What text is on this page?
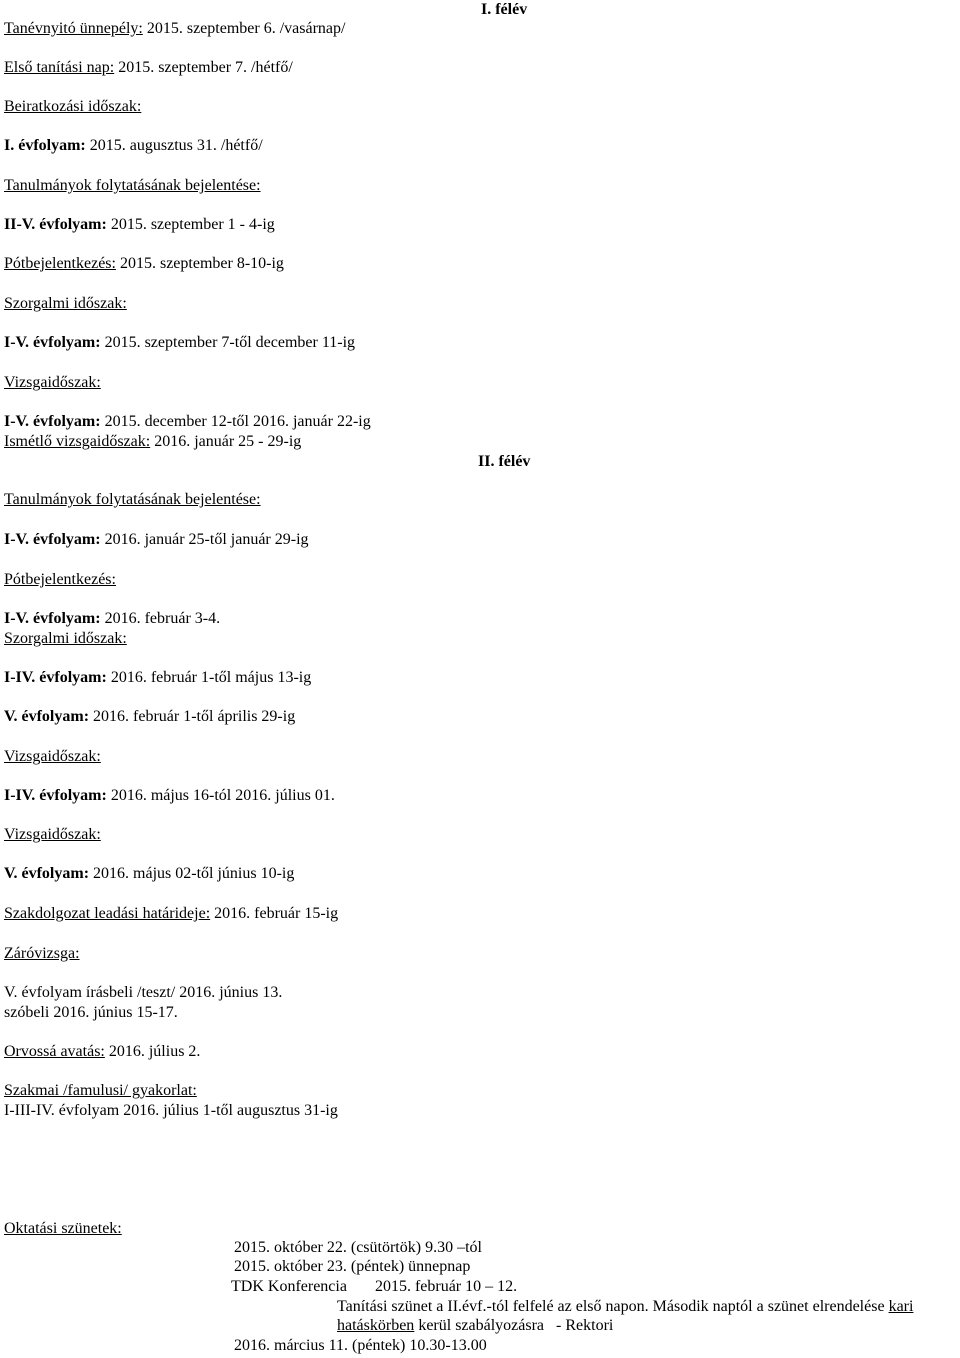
I. félév
II. félév
Tanévnyitó ünnepély: 2015. szeptember 6. /vasárnap/
Első tanítási nap: 2015. szeptember 7. /hétfő/
Beiratkozási időszak:
I. évfolyam: 2015. augusztus 31. /hétfő/
Tanulmányok folytatásának bejelentése:
II-V. évfolyam: 2015. szeptember 1 - 4-ig
Pótbejelentkezés: 2015. szeptember 8-10-ig
Szorgalmi időszak:
I-V. évfolyam: 2015. szeptember 7-től december 11-ig
Vizsgaidőszak:
I-V. évfolyam: 2015. december 12-től 2016. január 22-ig
Ismétlő vizsgaidőszak: 2016. január 25 - 29-ig
Tanulmányok folytatásának bejelentése:
I-V. évfolyam: 2016. január 25-től január 29-ig
Pótbejelentkezés:
I-V. évfolyam: 2016. február 3-4.
Szorgalmi időszak:
I-IV. évfolyam: 2016. február 1-től május 13-ig
V. évfolyam: 2016. február 1-től április 29-ig
Vizsgaidőszak:
I-IV. évfolyam: 2016. május 16-tól 2016. július 01.
Vizsgaidőszak:
V. évfolyam: 2016. május 02-től június 10-ig
Szakdolgozat leadási határideje: 2016. február 15-ig
Záróvizsga:
V. évfolyam írásbeli /teszt/ 2016. június 13.
szóbeli 2016. június 15-17.
Orvossá avatás: 2016. július 2.
Szakmai /famulusi/ gyakorlat:
I-III-IV. évfolyam 2016. július 1-től augusztus 31-ig
Oktatási szünetek:
2015. október 22. (csütörtök) 9.30 –tól
2015. október 23. (péntek) ünnepnap
TDK Konferencia       2015. február 10 – 12.
Tanítási szünet a II.évf.-tól felfelé az első napon. Második naptól a szünet elrendelése kari
hatáskörben kerül szabályozásra   - Rektori
2016. március 11. (péntek) 10.30-13.00
